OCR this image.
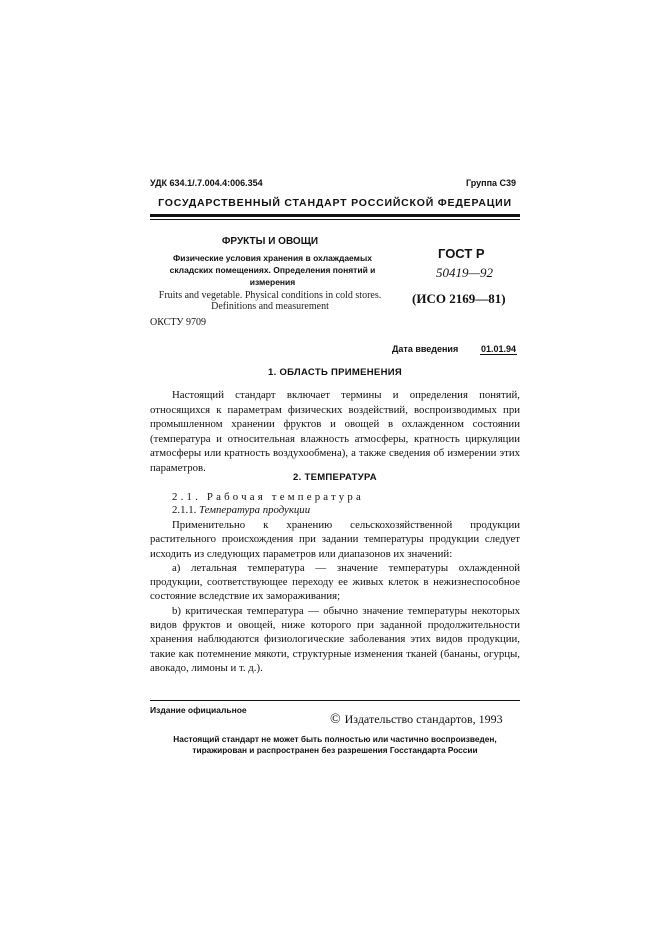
УДК 634.1/.7.004.4:006.354	Группа С39
ГОСУДАРСТВЕННЫЙ СТАНДАРТ РОССИЙСКОЙ ФЕДЕРАЦИИ
ФРУКТЫ И ОВОЩИ
Физические условия хранения в охлаждаемых складских помещениях. Определения понятий и измерения
Fruits and vegetable. Physical conditions in cold stores. Definitions and measurement
ОКСТУ 9709
ГОСТ Р
50419—92
(ИСО 2169—81)
Дата введения	01.01.94
1. ОБЛАСТЬ ПРИМЕНЕНИЯ

Настоящий стандарт включает термины и определения понятий, относящихся к параметрам физических воздействий, воспроизводимых при промышленном хранении фруктов и овощей в охлажденном состоянии (температура и относительная влажность атмосферы, кратность циркуляции атмосферы или кратность воздухообмена), а также сведения об измерении этих параметров.

2. ТЕМПЕРАТУРА
2.1. Рабочая температура
2.1.1. Температура продукции

Применительно к хранению сельскохозяйственной продукции растительного происхождения при задании температуры продукции следует исходить из следующих параметров или диапазонов их значений:

а) летальная температура — значение температуры охлажденной продукции, соответствующее переходу ее живых клеток в нежизнеспособное состояние вследствие их замораживания;

b) критическая температура — обычно значение температуры некоторых видов фруктов и овощей, ниже которого при заданной продолжительности хранения наблюдаются физиологические заболевания этих видов продукции, такие как потемнение мякоти, структурные изменения тканей (бананы, огурцы, авокадо, лимоны и т. д.).

Издание официальное
© Издательство стандартов, 1993
Настоящий стандарт не может быть полностью или частично воспроизведен, тиражирован и распространен без разрешения Госстандарта России
